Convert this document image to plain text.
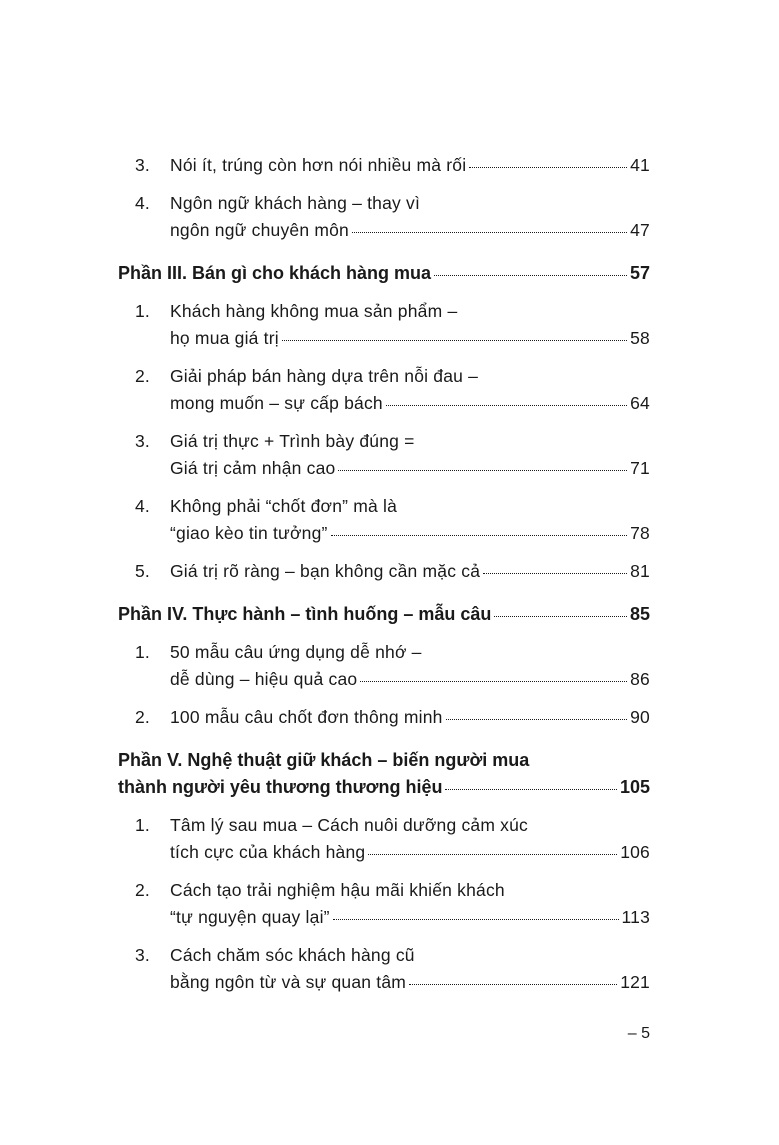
3.	Nói ít, trúng còn hơn nói nhiều mà rối	41
4.	Ngôn ngữ khách hàng – thay vì
ngôn ngữ chuyên môn	47
Phần III. Bán gì cho khách hàng mua	57
1.	Khách hàng không mua sản phẩm –
họ mua giá trị	58
2.	Giải pháp bán hàng dựa trên nỗi đau –
mong muốn – sự cấp bách	64
3.	Giá trị thực + Trình bày đúng =
Giá trị cảm nhận cao	71
4.	Không phải “chốt đơn” mà là
“giao kèo tin tưởng”	78
5.	Giá trị rõ ràng – bạn không cần mặc cả	81
Phần IV. Thực hành – tình huống – mẫu câu	85
1.	50 mẫu câu ứng dụng dễ nhớ –
dễ dùng – hiệu quả cao	86
2.	100 mẫu câu chốt đơn thông minh	90
Phần V. Nghệ thuật giữ khách – biến người mua
thành người yêu thương thương hiệu	105
1.	Tâm lý sau mua – Cách nuôi dưỡng cảm xúc
tích cực của khách hàng	106
2.	Cách tạo trải nghiệm hậu mãi khiến khách
“tự nguyện quay lại”	113
3.	Cách chăm sóc khách hàng cũ
bằng ngôn từ và sự quan tâm	121
– 5
